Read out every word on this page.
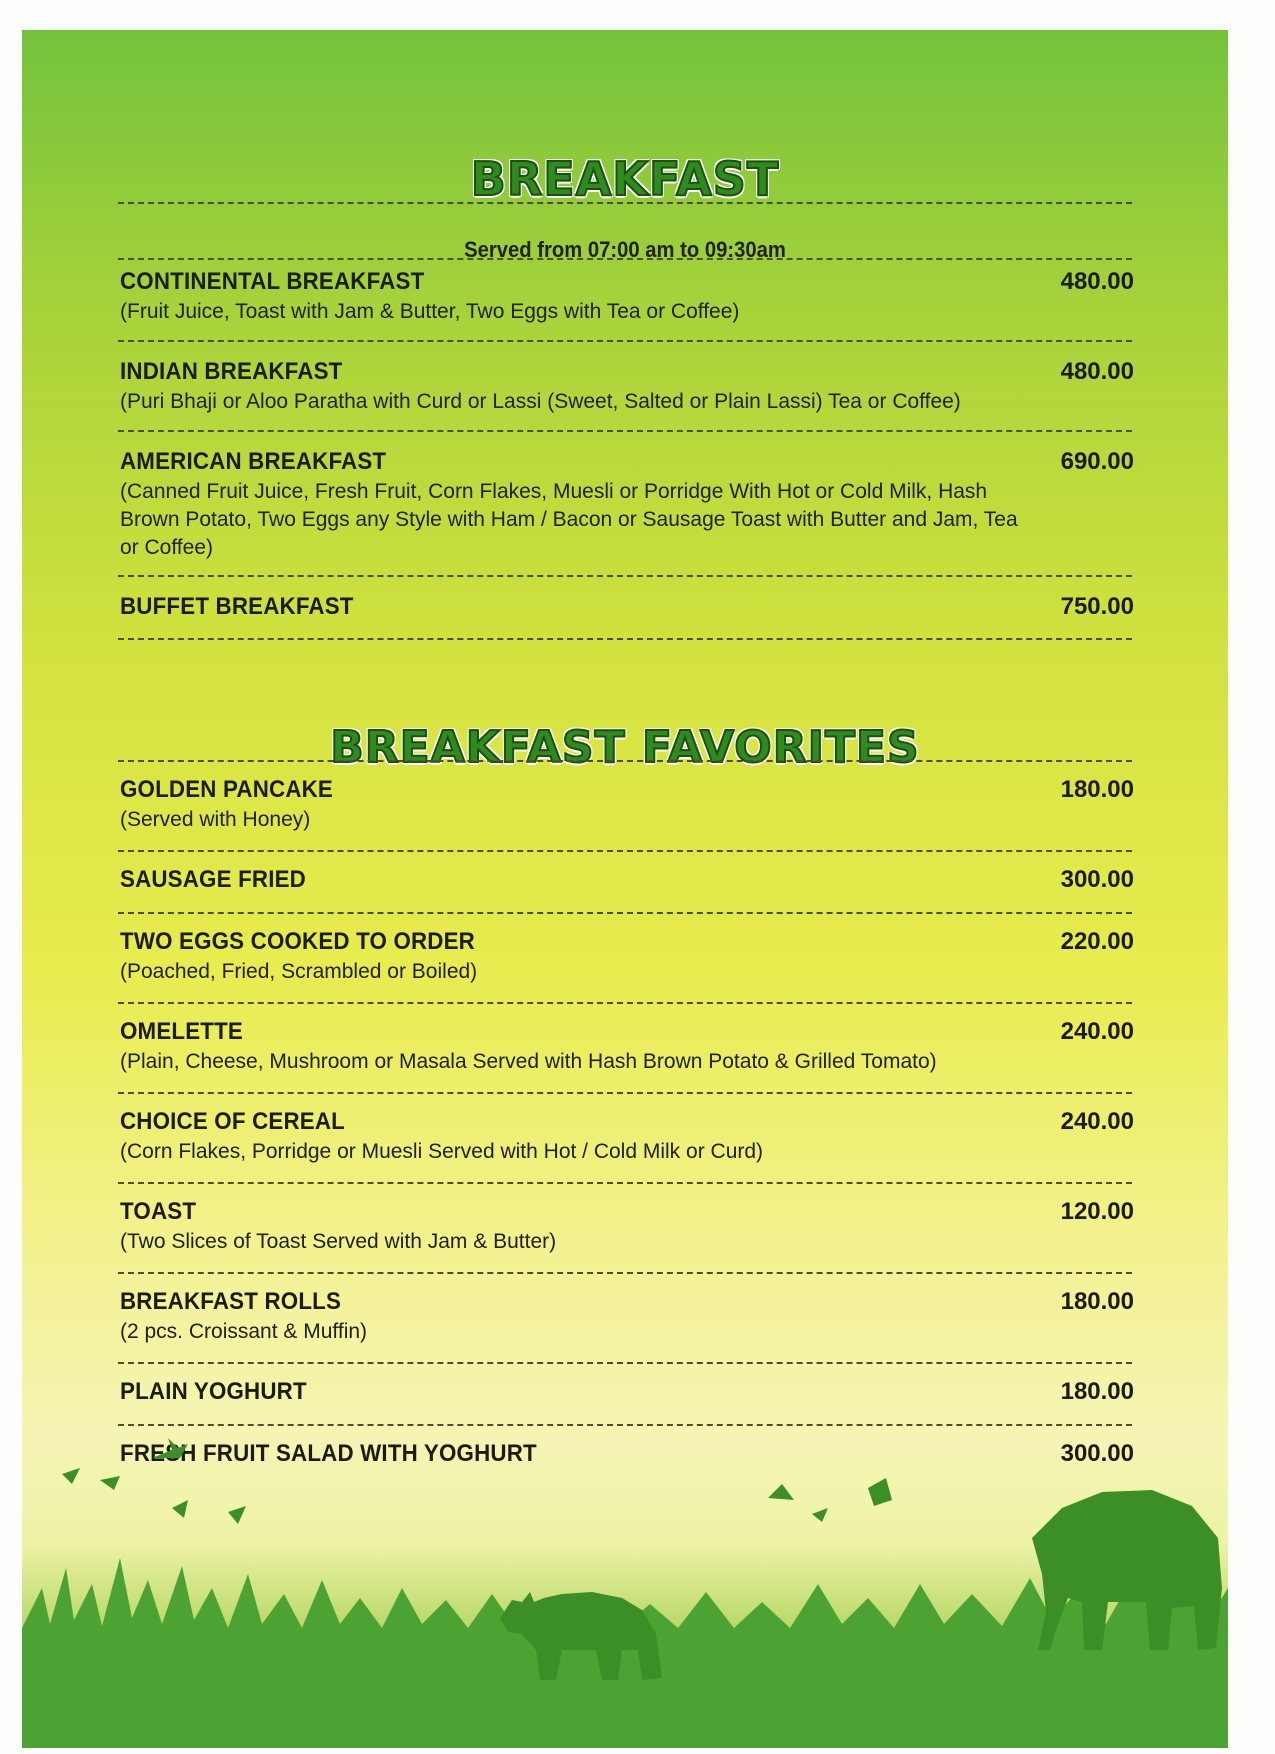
BREAKFAST
Served from 07:00 am to 09:30am
CONTINENTAL BREAKFAST	480.00
(Fruit Juice, Toast with Jam & Butter, Two Eggs with Tea or Coffee)
INDIAN BREAKFAST	480.00
(Puri Bhaji or Aloo Paratha with Curd or Lassi (Sweet, Salted or Plain Lassi) Tea or Coffee)
AMERICAN BREAKFAST	690.00
(Canned Fruit Juice, Fresh Fruit, Corn Flakes, Muesli or Porridge With Hot or Cold Milk, Hash Brown Potato, Two Eggs any Style with Ham / Bacon or Sausage Toast with Butter and Jam, Tea or Coffee)
BUFFET BREAKFAST	750.00
BREAKFAST FAVORITES
GOLDEN PANCAKE	180.00
(Served with Honey)
SAUSAGE FRIED	300.00
TWO EGGS COOKED TO ORDER	220.00
(Poached, Fried, Scrambled or Boiled)
OMELETTE	240.00
(Plain, Cheese, Mushroom or Masala Served with Hash Brown Potato & Grilled Tomato)
CHOICE OF CEREAL	240.00
(Corn Flakes, Porridge or Muesli Served with Hot / Cold Milk or Curd)
TOAST	120.00
(Two Slices of Toast Served with Jam & Butter)
BREAKFAST ROLLS	180.00
(2 pcs. Croissant & Muffin)
PLAIN YOGHURT	180.00
FRESH FRUIT SALAD WITH YOGHURT	300.00
